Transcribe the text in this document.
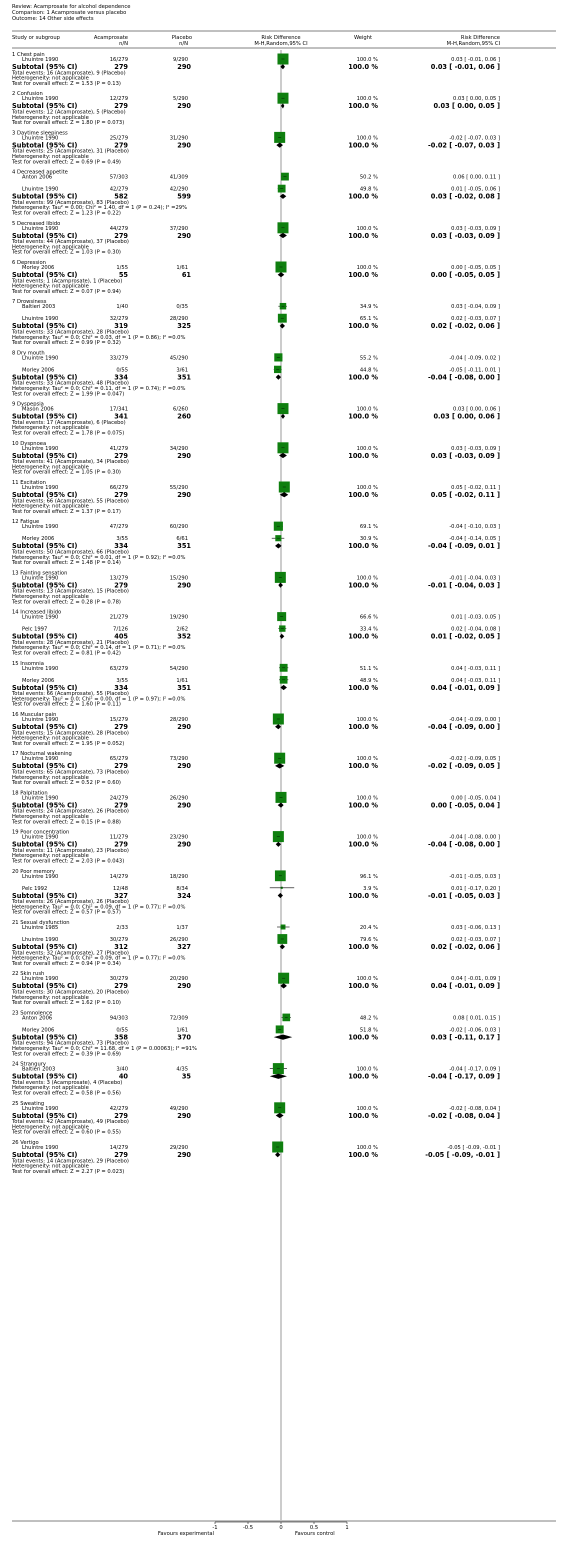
Review: Acamprosate for alcohol dependence
Comparison: 1 Acamprosate versus placebo
Outcome: 14 Other side effects
Study or subgroup	Acamprosate
n/N
Placebo
n/N
Risk Difference
M-H,Random,95% CI
Weight	Risk Difference
M-H,Random,95% CI
1 Chest pain
Lhuintre 1990	16/279	9/290	100.0 %	0.03 [ -0.01, 0.06 ]
Subtotal (95% CI)	279	290	100.0 %	0.03 [ -0.01, 0.06 ]
Total events: 16 (Acamprosate), 9 (Placebo)
Heterogeneity: not applicable
Test for overall effect: Z = 1.53 (P = 0.13)
2 Confusion
Lhuintre 1990	12/279	5/290	100.0 %	0.03 [ 0.00, 0.05 ]
Subtotal (95% CI)	279	290	100.0 %	0.03 [ 0.00, 0.05 ]
Total events: 12 (Acamprosate), 5 (Placebo)
Heterogeneity: not applicable
Test for overall effect: Z = 1.80 (P = 0.073)
3 Daytime sleepiness
Lhuintre 1990	25/279	31/290	100.0 %	-0.02 [ -0.07, 0.03 ]
Subtotal (95% CI)	279	290	100.0 %	-0.02 [ -0.07, 0.03 ]
Total events: 25 (Acamprosate), 31 (Placebo)
Heterogeneity: not applicable
Test for overall effect: Z = 0.69 (P = 0.49)
4 Decreased appetite
Anton 2006	57/303	41/309	50.2 %	0.06 [ 0.00, 0.11 ]
Lhuintre 1990	42/279	42/290	49.8 %	0.01 [ -0.05, 0.06 ]
Subtotal (95% CI)	582	599	100.0 %	0.03 [ -0.02, 0.08 ]
Total events: 99 (Acamprosate), 83 (Placebo)
Heterogeneity: Tau² = 0.00; Chi² = 1.40, df = 1 (P = 0.24); I² =29%
Test for overall effect: Z = 1.23 (P = 0.22)
5 Decreased libido
Lhuintre 1990	44/279	37/290	100.0 %	0.03 [ -0.03, 0.09 ]
Subtotal (95% CI)	279	290	100.0 %	0.03 [ -0.03, 0.09 ]
Total events: 44 (Acamprosate), 37 (Placebo)
Heterogeneity: not applicable
Test for overall effect: Z = 1.03 (P = 0.30)
6 Depression
Morley 2006	1/55	1/61	100.0 %	0.00 [ -0.05, 0.05 ]
Subtotal (95% CI)	55	61	100.0 %	0.00 [ -0.05, 0.05 ]
Total events: 1 (Acamprosate), 1 (Placebo)
Heterogeneity: not applicable
Test for overall effect: Z = 0.07 (P = 0.94)
7 Drowsiness
Baltieri 2003	1/40	0/35	34.9 %	0.03 [ -0.04, 0.09 ]
Lhuintre 1990	32/279	28/290	65.1 %	0.02 [ -0.03, 0.07 ]
Subtotal (95% CI)	319	325	100.0 %	0.02 [ -0.02, 0.06 ]
Total events: 33 (Acamprosate), 28 (Placebo)
Heterogeneity: Tau² = 0.0; Chi² = 0.03, df = 1 (P = 0.86); I² =0.0%
Test for overall effect: Z = 0.99 (P = 0.32)
8 Dry mouth
Lhuintre 1990	33/279	45/290	55.2 %	-0.04 [ -0.09, 0.02 ]
Morley 2006	0/55	3/61	44.8 %	-0.05 [ -0.11, 0.01 ]
Subtotal (95% CI)	334	351	100.0 %	-0.04 [ -0.08, 0.00 ]
Total events: 33 (Acamprosate), 48 (Placebo)
Heterogeneity: Tau² = 0.0; Chi² = 0.11, df = 1 (P = 0.74); I² =0.0%
Test for overall effect: Z = 1.99 (P = 0.047)
9 Dyspepsia
Mason 2006	17/341	6/260	100.0 %	0.03 [ 0.00, 0.06 ]
Subtotal (95% CI)	341	260	100.0 %	0.03 [ 0.00, 0.06 ]
Total events: 17 (Acamprosate), 6 (Placebo)
Heterogeneity: not applicable
Test for overall effect: Z = 1.78 (P = 0.075)
10 Dyspnoea
Lhuintre 1990	41/279	34/290	100.0 %	0.03 [ -0.03, 0.09 ]
Subtotal (95% CI)	279	290	100.0 %	0.03 [ -0.03, 0.09 ]
Total events: 41 (Acamprosate), 34 (Placebo)
Heterogeneity: not applicable
Test for overall effect: Z = 1.05 (P = 0.30)
11 Excitation
Lhuintre 1990	66/279	55/290	100.0 %	0.05 [ -0.02, 0.11 ]
Subtotal (95% CI)	279	290	100.0 %	0.05 [ -0.02, 0.11 ]
Total events: 66 (Acamprosate), 55 (Placebo)
Heterogeneity: not applicable
Test for overall effect: Z = 1.37 (P = 0.17)
12 Fatigue
Lhuintre 1990	47/279	60/290	69.1 %	-0.04 [ -0.10, 0.03 ]
Morley 2006	3/55	6/61	30.9 %	-0.04 [ -0.14, 0.05 ]
Subtotal (95% CI)	334	351	100.0 %	-0.04 [ -0.09, 0.01 ]
Total events: 50 (Acamprosate), 66 (Placebo)
Heterogeneity: Tau² = 0.0; Chi² = 0.01, df = 1 (P = 0.92); I² =0.0%
Test for overall effect: Z = 1.48 (P = 0.14)
13 Fainting sensation
Lhuintre 1990	13/279	15/290	100.0 %	-0.01 [ -0.04, 0.03 ]
Subtotal (95% CI)	279	290	100.0 %	-0.01 [ -0.04, 0.03 ]
Total events: 13 (Acamprosate), 15 (Placebo)
Heterogeneity: not applicable
Test for overall effect: Z = 0.28 (P = 0.78)
14 Increased libido
Lhuintre 1990	21/279	19/290	66.6 %	0.01 [ -0.03, 0.05 ]
Pelc 1997	7/126	2/62	33.4 %	0.02 [ -0.04, 0.08 ]
Subtotal (95% CI)	405	352	100.0 %	0.01 [ -0.02, 0.05 ]
Total events: 28 (Acamprosate), 21 (Placebo)
Heterogeneity: Tau² = 0.0; Chi² = 0.14, df = 1 (P = 0.71); I² =0.0%
Test for overall effect: Z = 0.81 (P = 0.42)
15 Insomnia
Lhuintre 1990	63/279	54/290	51.1 %	0.04 [ -0.03, 0.11 ]
Morley 2006	3/55	1/61	48.9 %	0.04 [ -0.03, 0.11 ]
Subtotal (95% CI)	334	351	100.0 %	0.04 [ -0.01, 0.09 ]
Total events: 66 (Acamprosate), 55 (Placebo)
Heterogeneity: Tau² = 0.0; Chi² = 0.00, df = 1 (P = 0.97); I² =0.0%
Test for overall effect: Z = 1.60 (P = 0.11)
16 Muscular pain
Lhuintre 1990	15/279	28/290	100.0 %	-0.04 [ -0.09, 0.00 ]
Subtotal (95% CI)	279	290	100.0 %	-0.04 [ -0.09, 0.00 ]
Total events: 15 (Acamprosate), 28 (Placebo)
Heterogeneity: not applicable
Test for overall effect: Z = 1.95 (P = 0.052)
17 Nocturnal wakening
Lhuintre 1990	65/279	73/290	100.0 %	-0.02 [ -0.09, 0.05 ]
Subtotal (95% CI)	279	290	100.0 %	-0.02 [ -0.09, 0.05 ]
Total events: 65 (Acamprosate), 73 (Placebo)
Heterogeneity: not applicable
Test for overall effect: Z = 0.52 (P = 0.60)
18 Palpitation
Lhuintre 1990	24/279	26/290	100.0 %	0.00 [ -0.05, 0.04 ]
Subtotal (95% CI)	279	290	100.0 %	0.00 [ -0.05, 0.04 ]
Total events: 24 (Acamprosate), 26 (Placebo)
Heterogeneity: not applicable
Test for overall effect: Z = 0.15 (P = 0.88)
19 Poor concentration
Lhuintre 1990	11/279	23/290	100.0 %	-0.04 [ -0.08, 0.00 ]
Subtotal (95% CI)	279	290	100.0 %	-0.04 [ -0.08, 0.00 ]
Total events: 11 (Acamprosate), 23 (Placebo)
Heterogeneity: not applicable
Test for overall effect: Z = 2.03 (P = 0.043)
20 Poor memory
Lhuintre 1990	14/279	18/290	96.1 %	-0.01 [ -0.05, 0.03 ]
Pelc 1992	12/48	8/34	3.9 %	0.01 [ -0.17, 0.20 ]
Subtotal (95% CI)	327	324	100.0 %	-0.01 [ -0.05, 0.03 ]
Total events: 26 (Acamprosate), 26 (Placebo)
Heterogeneity: Tau² = 0.0; Chi² = 0.09, df = 1 (P = 0.77); I² =0.0%
Test for overall effect: Z = 0.57 (P = 0.57)
21 Sexual dysfunction
Lhuintre 1985	2/33	1/37	20.4 %	0.03 [ -0.06, 0.13 ]
Lhuintre 1990	30/279	26/290	79.6 %	0.02 [ -0.03, 0.07 ]
Subtotal (95% CI)	312	327	100.0 %	0.02 [ -0.02, 0.06 ]
Total events: 32 (Acamprosate), 27 (Placebo)
Heterogeneity: Tau² = 0.0; Chi² = 0.09, df = 1 (P = 0.77); I² =0.0%
Test for overall effect: Z = 0.94 (P = 0.34)
22 Skin rush
Lhuintre 1990	30/279	20/290	100.0 %	0.04 [ -0.01, 0.09 ]
Subtotal (95% CI)	279	290	100.0 %	0.04 [ -0.01, 0.09 ]
Total events: 30 (Acamprosate), 20 (Placebo)
Heterogeneity: not applicable
Test for overall effect: Z = 1.62 (P = 0.10)
23 Somnolence
Anton 2006	94/303	72/309	48.2 %	0.08 [ 0.01, 0.15 ]
Morley 2006	0/55	1/61	51.8 %	-0.02 [ -0.06, 0.03 ]
Subtotal (95% CI)	358	370	100.0 %	0.03 [ -0.11, 0.17 ]
Total events: 94 (Acamprosate), 73 (Placebo)
Heterogeneity: Tau² = 0.0; Chi² = 11.68, df = 1 (P = 0.00063); I² =91%
Test for overall effect: Z = 0.39 (P = 0.69)
24 Strangury
Baltieri 2003	3/40	4/35	100.0 %	-0.04 [ -0.17, 0.09 ]
Subtotal (95% CI)	40	35	100.0 %	-0.04 [ -0.17, 0.09 ]
Total events: 3 (Acamprosate), 4 (Placebo)
Heterogeneity: not applicable
Test for overall effect: Z = 0.58 (P = 0.56)
25 Sweating
Lhuintre 1990	42/279	49/290	100.0 %	-0.02 [ -0.08, 0.04 ]
Subtotal (95% CI)	279	290	100.0 %	-0.02 [ -0.08, 0.04 ]
Total events: 42 (Acamprosate), 49 (Placebo)
Heterogeneity: not applicable
Test for overall effect: Z = 0.60 (P = 0.55)
26 Vertigo
Lhuintre 1990	14/279	29/290	100.0 %	-0.05 [ -0.09, -0.01 ]
Subtotal (95% CI)	279	290	100.0 %	-0.05 [ -0.09, -0.01 ]
Total events: 14 (Acamprosate), 29 (Placebo)
Heterogeneity: not applicable
Test for overall effect: Z = 2.27 (P = 0.023)
-1	-0.5	0	0.5	1
Favours experimental	Favours control
